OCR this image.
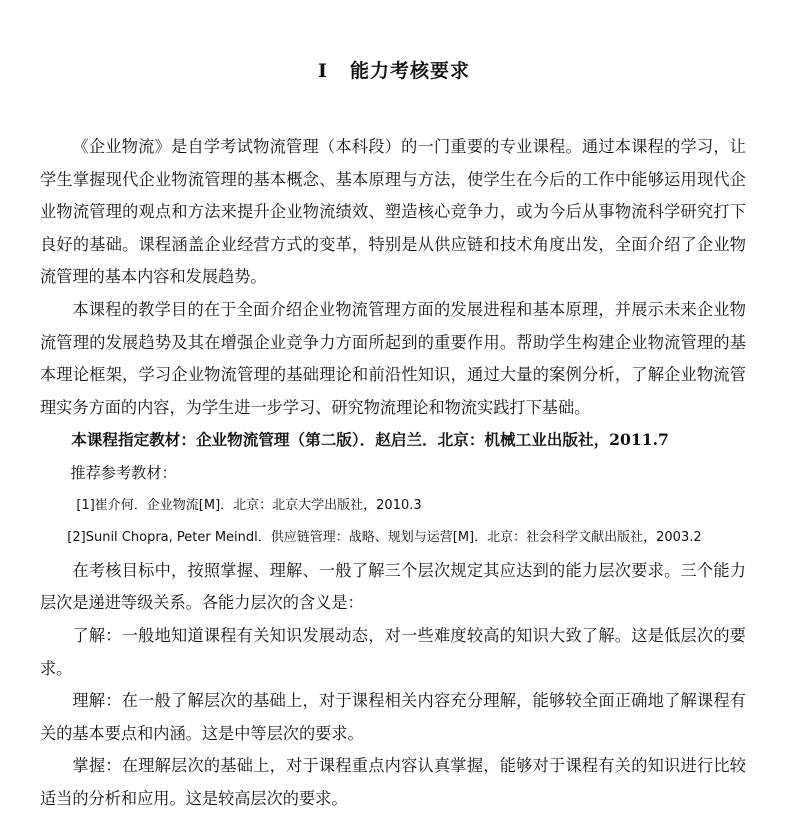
I 能力考核要求

《企业物流》是自学考试物流管理（本科段）的一门重要的专业课程。通过本课程的学习，让学生掌握现代企业物流管理的基本概念、基本原理与方法，使学生在今后的工作中能够运用现代企业物流管理的观点和方法来提升企业物流绩效、塑造核心竞争力，或为今后从事物流科学研究打下良好的基础。课程涵盖企业经营方式的变革，特别是从供应链和技术角度出发，全面介绍了企业物流管理的基本内容和发展趋势。

本课程的教学目的在于全面介绍企业物流管理方面的发展进程和基本原理，并展示未来企业物流管理的发展趋势及其在增强企业竞争力方面所起到的重要作用。帮助学生构建企业物流管理的基本理论框架，学习企业物流管理的基础理论和前沿性知识，通过大量的案例分析，了解企业物流管理实务方面的内容，为学生进一步学习、研究物流理论和物流实践打下基础。

本课程指定教材：企业物流管理（第二版）．赵启兰．北京：机械工业出版社，2011.7

推荐参考教材：

[1]崔介何．企业物流[M]．北京：北京大学出版社，2010.3

[2]Sunil Chopra, Peter Meindl．供应链管理：战略、规划与运营[M]．北京：社会科学文献出版社，2003.2

在考核目标中，按照掌握、理解、一般了解三个层次规定其应达到的能力层次要求。三个能力层次是递进等级关系。各能力层次的含义是：

了解：一般地知道课程有关知识发展动态，对一些难度较高的知识大致了解。这是低层次的要求。

理解：在一般了解层次的基础上，对于课程相关内容充分理解，能够较全面正确地了解课程有关的基本要点和内涵。这是中等层次的要求。

掌握：在理解层次的基础上，对于课程重点内容认真掌握，能够对于课程有关的知识进行比较适当的分析和应用。这是较高层次的要求。
